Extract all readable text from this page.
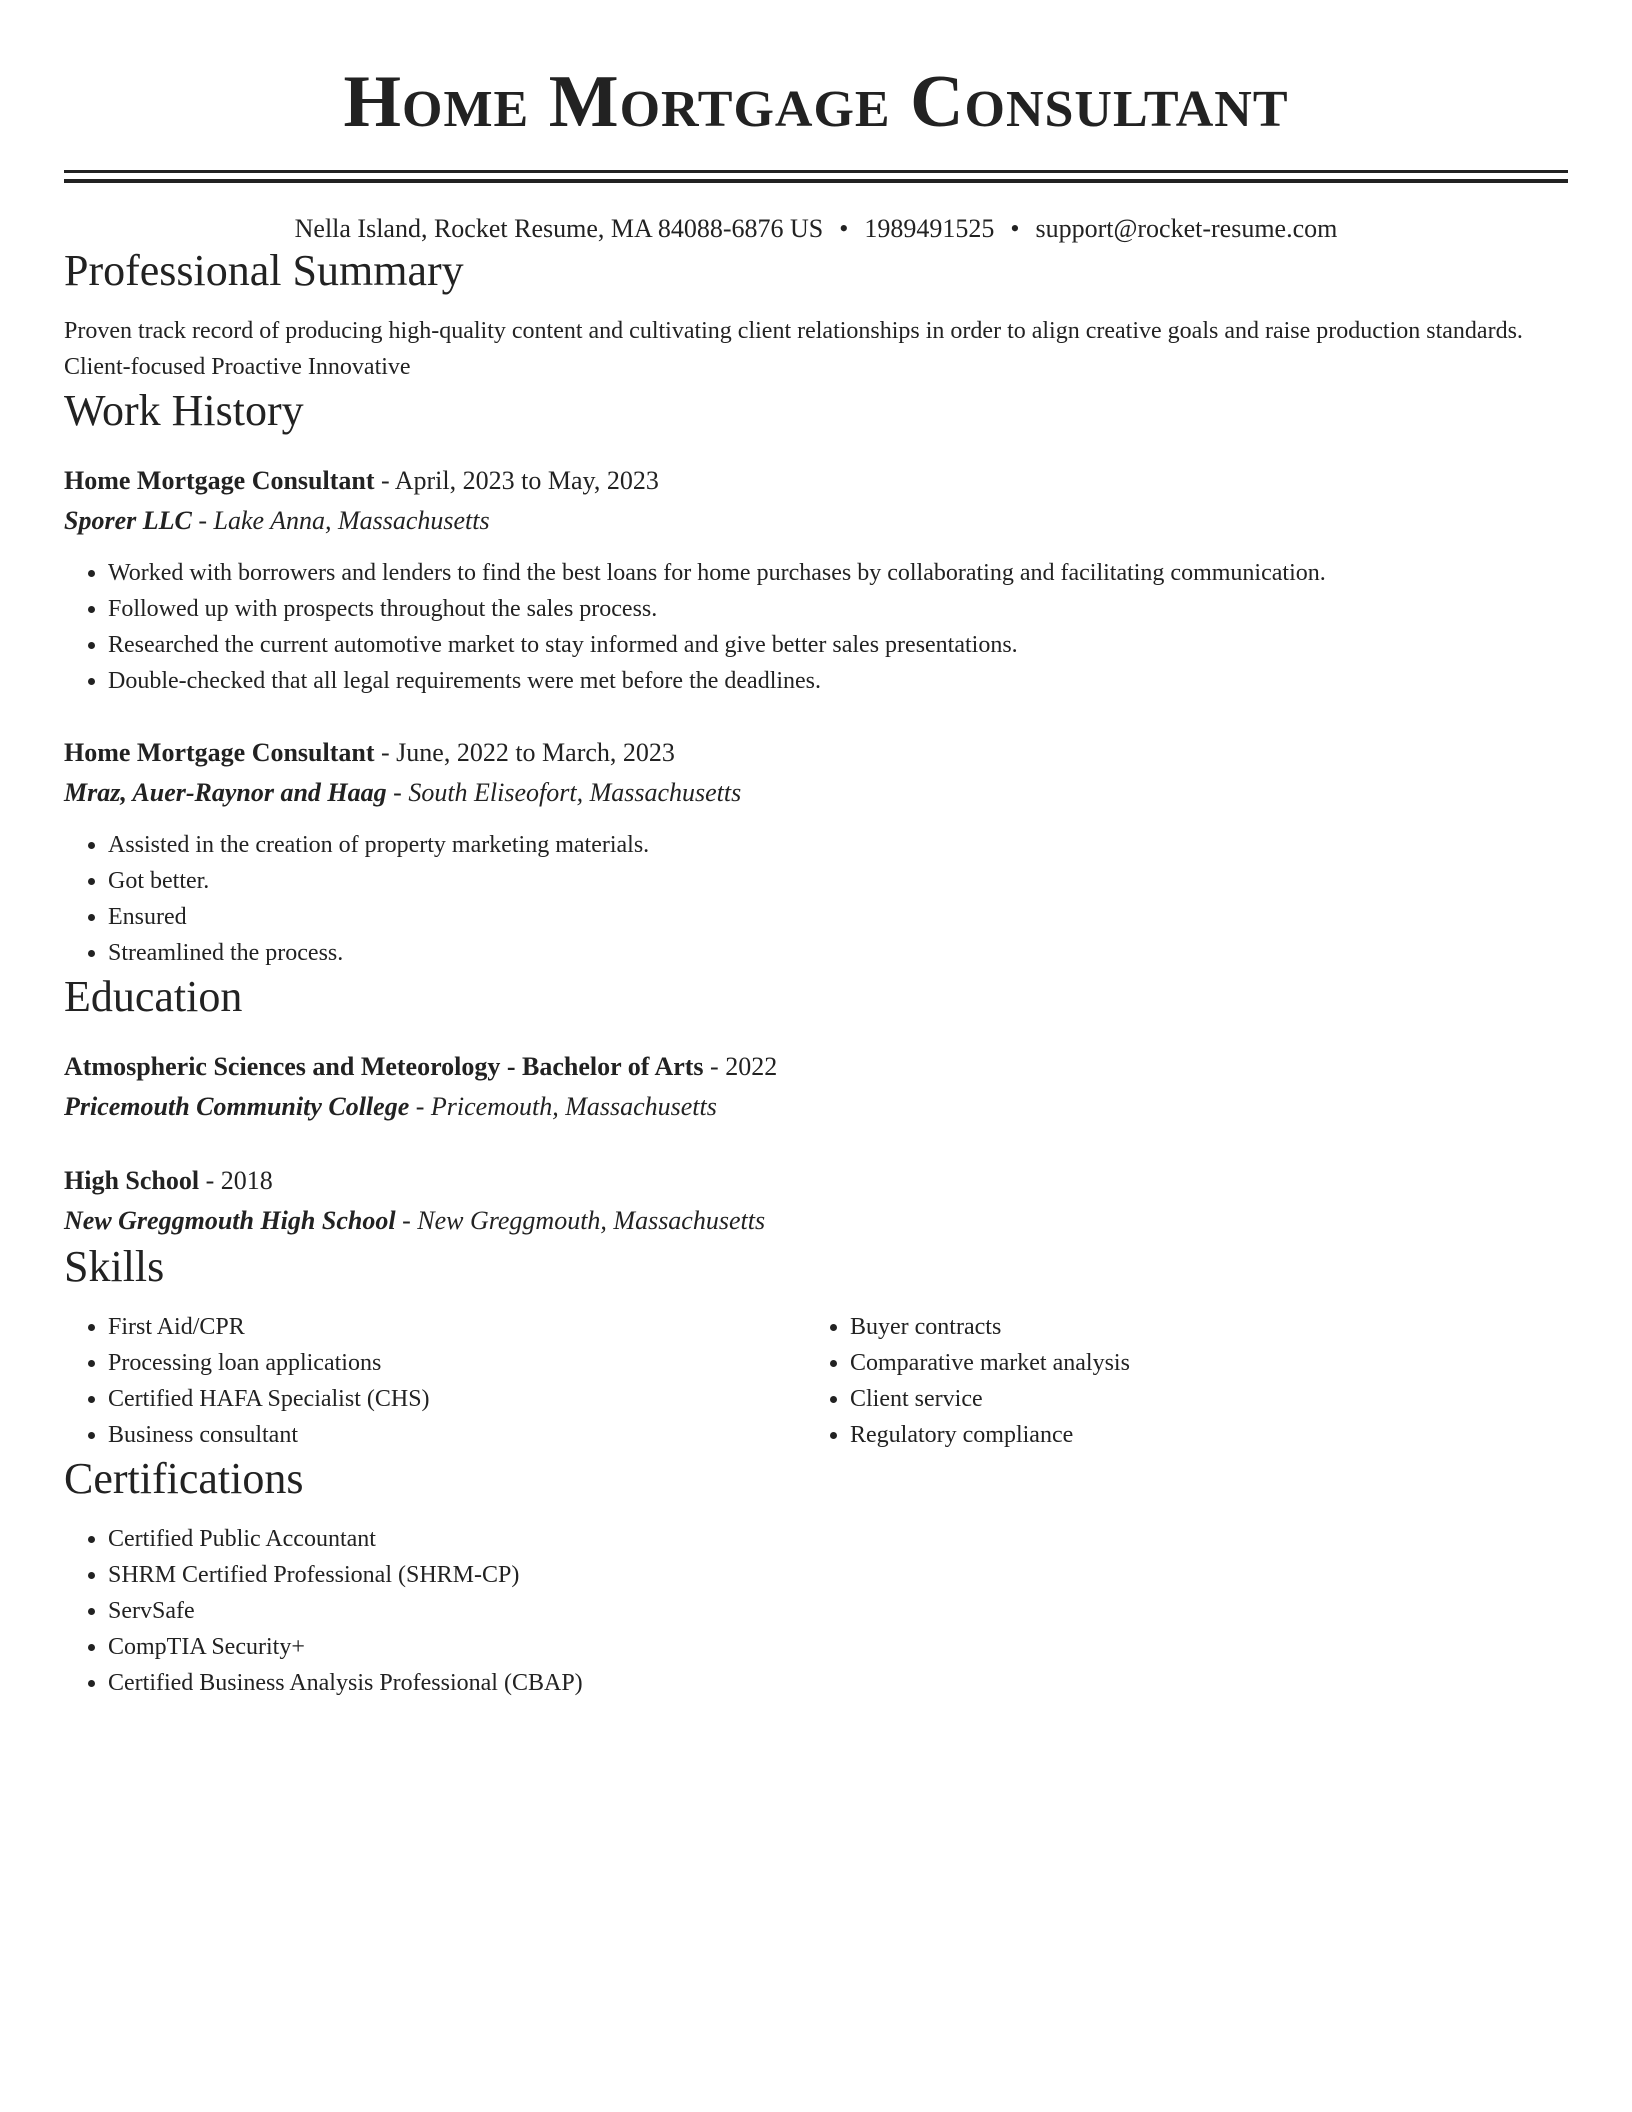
Home Mortgage Consultant
Nella Island, Rocket Resume, MA 84088-6876 US • 1989491525 • support@rocket-resume.com
Professional Summary
Proven track record of producing high-quality content and cultivating client relationships in order to align creative goals and raise production standards. Client-focused Proactive Innovative
Work History
Home Mortgage Consultant - April, 2023 to May, 2023
Sporer LLC - Lake Anna, Massachusetts
• Worked with borrowers and lenders to find the best loans for home purchases by collaborating and facilitating communication.
• Followed up with prospects throughout the sales process.
• Researched the current automotive market to stay informed and give better sales presentations.
• Double-checked that all legal requirements were met before the deadlines.
Home Mortgage Consultant - June, 2022 to March, 2023
Mraz, Auer-Raynor and Haag - South Eliseofort, Massachusetts
• Assisted in the creation of property marketing materials.
• Got better.
• Ensured
• Streamlined the process.
Education
Atmospheric Sciences and Meteorology - Bachelor of Arts - 2022
Pricemouth Community College - Pricemouth, Massachusetts
High School - 2018
New Greggmouth High School - New Greggmouth, Massachusetts
Skills
• First Aid/CPR
• Processing loan applications
• Certified HAFA Specialist (CHS)
• Business consultant
• Buyer contracts
• Comparative market analysis
• Client service
• Regulatory compliance
Certifications
• Certified Public Accountant
• SHRM Certified Professional (SHRM-CP)
• ServSafe
• CompTIA Security+
• Certified Business Analysis Professional (CBAP)
